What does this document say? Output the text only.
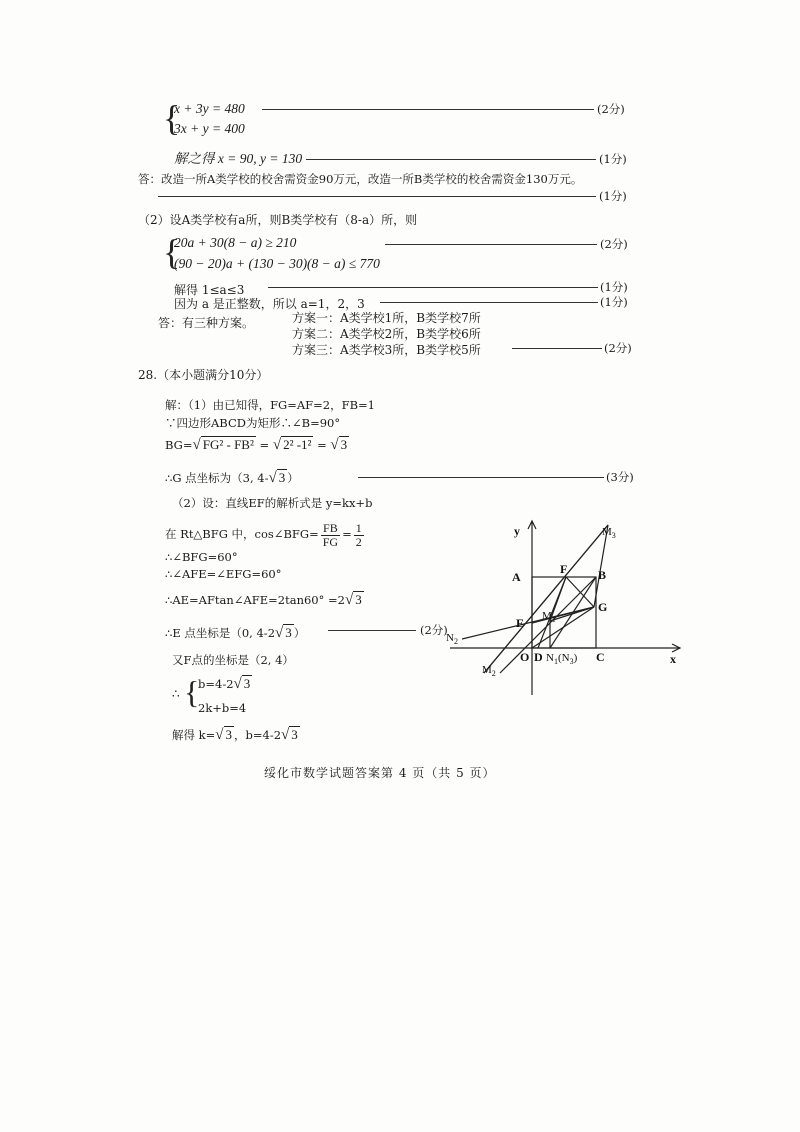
{
x + 3y = 480
3x + y = 400
(2分)
解之得 x = 90, y = 130	(1分)
答：改造一所A类学校的校舍需资金90万元，改造一所B类学校的校舍需资金130万元。
(1分)
（2）设A类学校有a所，则B类学校有（8-a）所，则
{
20a + 30(8 − a) ≥ 210
(90 − 20)a + (130 − 30)(8 − a) ≤ 770
(2分)
解得 1≤a≤3	(1分)
因为 a 是正整数，所以 a=1，2，3	(1分)
答：有三种方案。	方案一：A类学校1所，B类学校7所
方案二：A类学校2所，B类学校6所
方案三：A类学校3所，B类学校5所	(2分)
28.（本小题满分10分）
解：（1）由已知得，FG=AF=2，FB=1
∵四边形ABCD为矩形∴∠B=90°
BG=√ FG² - FB² = √ 2² -1² = √ 3
∴G 点坐标为（3, 4-√ 3 ）	(3分)
（2）设：直线EF的解析式是 y=kx+b
在 Rt△BFG 中，cos∠BFG= $\frac{FB}{FG} = \frac{1}{2}$
∴∠BFG=60°
∴∠AFE=∠EFG=60°
∴AE=AFtan∠AFE=2tan60° =2√ 3
∴E 点坐标是（0, 4-2√ 3 ）	(2分)
又F点的坐标是（2, 4）
∴ {
b=4-2√ 3
2k+b=4
解得 k=√ 3 ，b=4-2√ 3
y
x
A
F	B
G
E
O D	C
$M_3$
$M_1$
$M_2$
$N_2$
$N_1(N_3)$
绥化市数学试题答案第 4 页（共 5 页）
